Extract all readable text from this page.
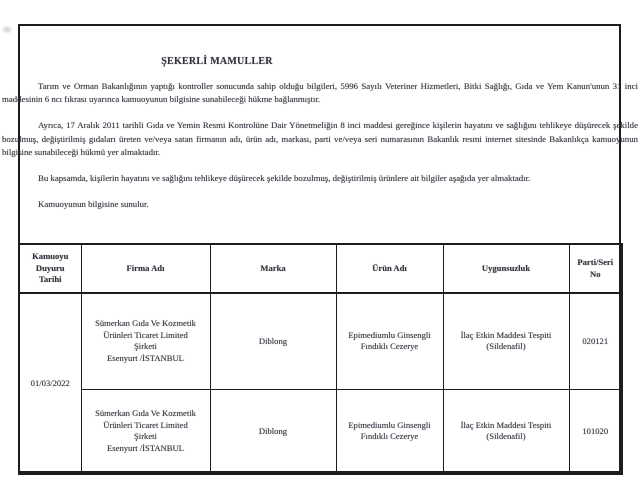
ŞEKERLİ MAMULLER

Tarım ve Orman Bakanlığının yaptığı kontroller sonucunda sahip olduğu bilgileri, 5996 Sayılı Veteriner Hizmetleri, Bitki Sağlığı, Gıda ve Yem Kanun'unun 31 inci maddesinin 6 ncı fıkrası uyarınca kamuoyunun bilgisine sunabileceği hükme bağlanmıştır.

Ayrıca, 17 Aralık 2011 tarihli Gıda ve Yemin Resmi Kontrolüne Dair Yönetmeliğin 8 inci maddesi gereğince kişilerin hayatını ve sağlığını tehlikeye düşürecek şekilde bozulmuş, değiştirilmiş gıdaları üreten ve/veya satan firmanın adı, ürün adı, markası, parti ve/veya seri numarasının Bakanlık resmi internet sitesinde Bakanlıkça kamuoyunun bilgisine sunabileceği hükmü yer almaktadır.

Bu kapsamda, kişilerin hayatını ve sağlığını tehlikeye düşürecek şekilde bozulmuş, değiştirilmiş ürünlere ait bilgiler aşağıda yer almaktadır.

Kamuoyunun bilgisine sunulur.

Kamuoyu
Duyuru
Tarihi	Firma Adı	Marka	Ürün Adı	Uygunsuzluk	Parti/Seri No
01/03/2022	Sümerkan Gıda Ve Kozmetik
Ürünleri Ticaret Limited
Şirketi
Esenyurt /İSTANBUL	Diblong	Epimediumlu Ginsengli
Fındıklı Cezerye	İlaç Etkin Maddesi Tespiti
(Sildenafil)	020121
	Sümerkan Gıda Ve Kozmetik
Ürünleri Ticaret Limited
Şirketi
Esenyurt /İSTANBUL	Diblong	Epimediumlu Ginsengli
Fındıklı Cezerye	İlaç Etkin Maddesi Tespiti
(Sildenafil)	101020
